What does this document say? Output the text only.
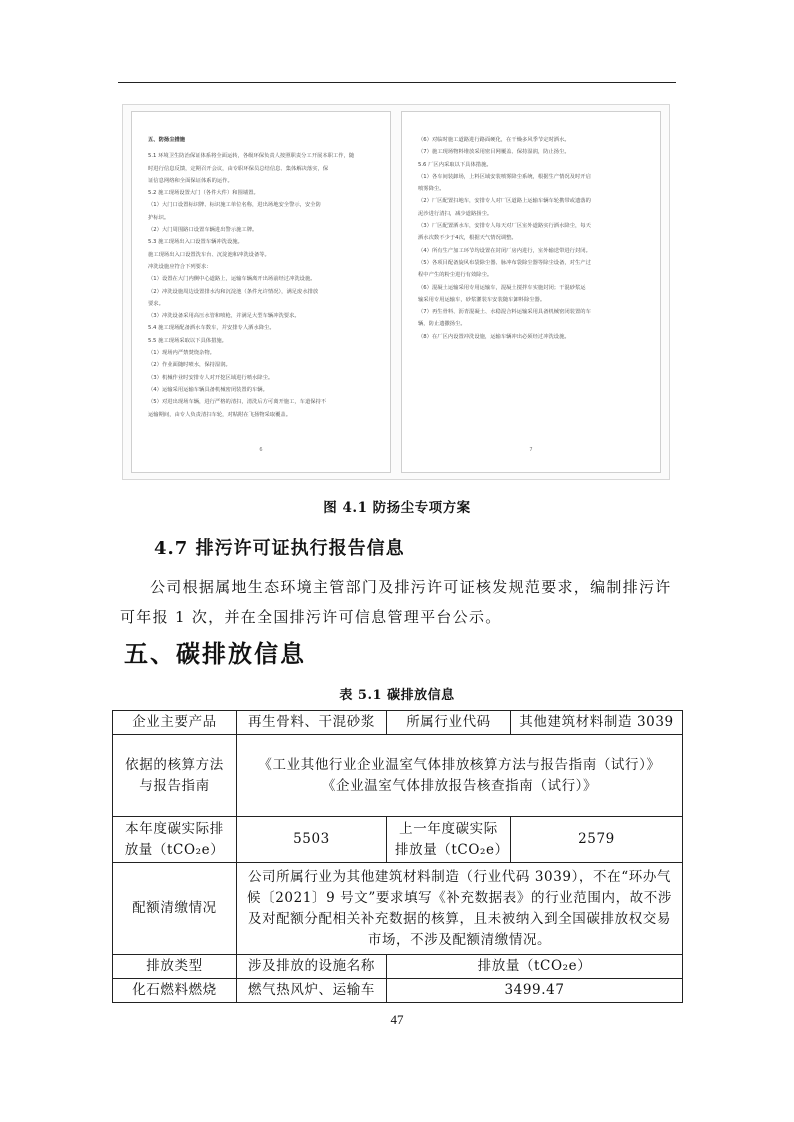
五、防扬尘措施

5.1 环境卫生防治保证体系将全面运转，各级环保负责人按照职责分工开展本职工作，随

时进行信息反馈，定期召开会议，由专职环保员总结信息、集体解决落实，保

证信息网络和全面保证体系的运作。

5.2 施工现场设置大门（各件大件）和围墙置。

（1）大门口设置标识牌、标识施工单位名称，进出场地安全警示，安全防

护标识。

（2）大门周围路口设置车辆进出警示施工牌。

5.3 施工现场出入口设置车辆冲洗设施。

施工现场出入口设置洗车台、沉淀池和冲洗设备等。

冲洗设施应符合下列要求：

（1）设置在大门内侧中心道路上，运输车辆离开出场前经过冲洗设施。

（2）冲洗设施周边设置排水沟和沉淀池（条件允许情况），满足废水排放

要求。

（3）冲洗设备采用高压水管和喷枪，并满足大型车辆冲洗要求。

5.4 施工现场配备洒水车数车，并安排专人洒水降尘。

5.5 施工现场采取以下具体措施。

（1）现场内严禁焚烧杂物。

（2）作业面随时喷水，保持湿润。

（3）机械作业时安排专人对开挖区域进行喷水降尘。

（4）运输采用运输车辆具备机械密闭装置的车辆。

（5）对进出现场车辆，进行严格的清扫，清洗后方可离开施工，车道保持不

运输期间，由专人负责清扫车轮，对粘附在飞扬物采取覆盖。

6

（6）对临时施工道路进行路面硬化，在干燥多风季节定时洒水。

（7）施工现场物料堆放采用密目网覆盖、保持湿润，防止扬尘。

5.6 厂区内采取以下具体措施。

（1）各车间装卸场，上料区域安装喷雾降尘系统，根据生产情况及时开启

喷雾降尘。

（2）厂区配置扫地车，安排专人对厂区道路上运输车辆车轮携带或遗落的

泥沙进行清扫，减少道路扬尘。

（3）厂区配置洒水车，安排专人每天对厂区室外道路实行洒水降尘，每天

洒水次数不少于4次，根据天气情况调整。

（4）所有生产加工环节均设置在封闭厂房内进行，室外输送带进行封闭。

（5）各项目配备旋风布袋除尘器、脉冲布袋除尘器等除尘设备，对生产过

程中产生的粉尘进行有效除尘。

（6）混凝土运输采用专用运输车，混凝土搅拌车实施封闭；干混砂浆运

输采用专用运输车，砂浆灌装车安装随车卸料除尘器。

（7）再生骨料、沥青混凝土、水稳混合料运输采用具备机械密闭装置的车

辆，防止遗撒扬尘。

（8）在厂区内设置冲洗设施，运输车辆冲出必须经过冲洗设施。

7
图 4.1 防扬尘专项方案
4.7 排污许可证执行报告信息

公司根据属地生态环境主管部门及排污许可证核发规范要求，编制排污许可年报 1 次，并在全国排污许可信息管理平台公示。

五、碳排放信息
表 5.1 碳排放信息
企业主要产品	再生骨料、干混砂浆	所属行业代码	其他建筑材料制造 3039
依据的核算方法与报告指南	《工业其他行业企业温室气体排放核算方法与报告指南（试行）》
《企业温室气体排放报告核查指南（试行）》		

本年度碳实际排放量（tCO₂e）	5503	上一年度碳实际排放量（tCO₂e）	2579
配额清缴情况	公司所属行业为其他建筑材料制造（行业代码 3039），不在“环办气候〔2021〕9 号文”要求填写《补充数据表》的行业范围内，故不涉及对配额分配相关补充数据的核算，且未被纳入到全国碳排放权交易市场，不涉及配额清缴情况。		
排放类型	涉及排放的设施名称	排放量（tCO₂e）	
化石燃料燃烧	燃气热风炉、运输车	3499.47	
47
